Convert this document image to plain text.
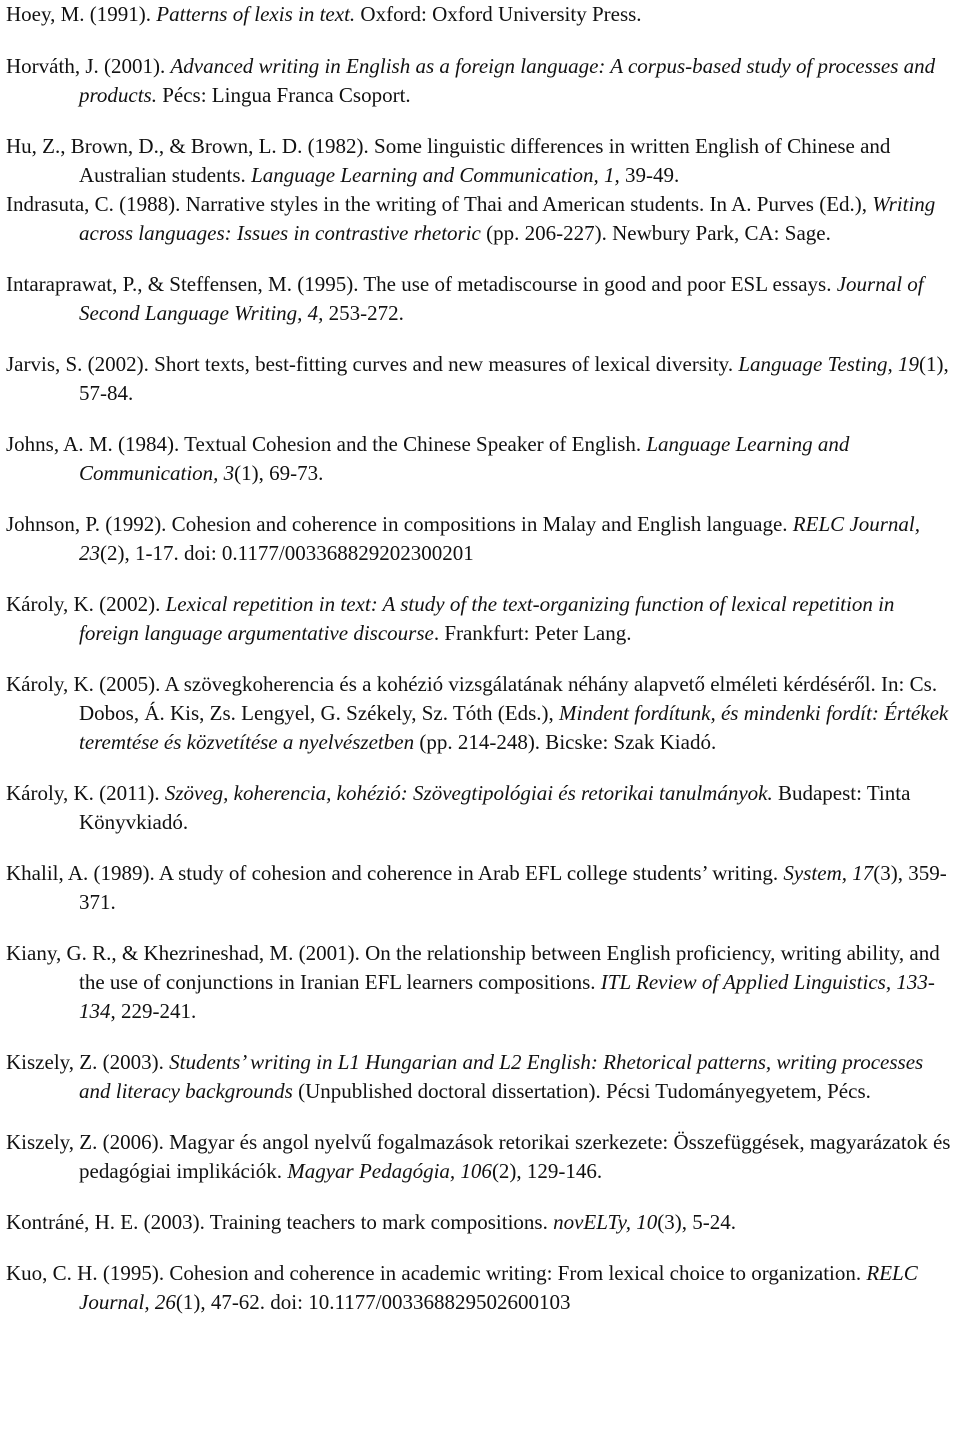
Hoey, M. (1991). Patterns of lexis in text. Oxford: Oxford University Press.

Horváth, J. (2001). Advanced writing in English as a foreign language: A corpus-based study of processes and products. Pécs: Lingua Franca Csoport.

Hu, Z., Brown, D., & Brown, L. D. (1982). Some linguistic differences in written English of Chinese and Australian students. Language Learning and Communication, 1, 39-49.

Indrasuta, C. (1988). Narrative styles in the writing of Thai and American students. In A. Purves (Ed.), Writing across languages: Issues in contrastive rhetoric (pp. 206-227). Newbury Park, CA: Sage.

Intaraprawat, P., & Steffensen, M. (1995). The use of metadiscourse in good and poor ESL essays. Journal of Second Language Writing, 4, 253-272.

Jarvis, S. (2002). Short texts, best-fitting curves and new measures of lexical diversity. Language Testing, 19(1), 57-84.

Johns, A. M. (1984). Textual Cohesion and the Chinese Speaker of English. Language Learning and Communication, 3(1), 69-73.

Johnson, P. (1992). Cohesion and coherence in compositions in Malay and English language. RELC Journal, 23(2), 1-17. doi: 0.1177/003368829202300201

Károly, K. (2002). Lexical repetition in text: A study of the text-organizing function of lexical repetition in foreign language argumentative discourse. Frankfurt: Peter Lang.

Károly, K. (2005). A szövegkoherencia és a kohézió vizsgálatának néhány alapvető elméleti kérdéséről. In: Cs. Dobos, Á. Kis, Zs. Lengyel, G. Székely, Sz. Tóth (Eds.), Mindent fordítunk, és mindenki fordít: Értékek teremtése és közvetítése a nyelvészetben (pp. 214-248). Bicske: Szak Kiadó.

Károly, K. (2011). Szöveg, koherencia, kohézió: Szövegtipológiai és retorikai tanulmányok. Budapest: Tinta Könyvkiadó.

Khalil, A. (1989). A study of cohesion and coherence in Arab EFL college students’ writing. System, 17(3), 359-371.

Kiany, G. R., & Khezrineshad, M. (2001). On the relationship between English proficiency, writing ability, and the use of conjunctions in Iranian EFL learners compositions. ITL Review of Applied Linguistics, 133-134, 229-241.

Kiszely, Z. (2003). Students’ writing in L1 Hungarian and L2 English: Rhetorical patterns, writing processes and literacy backgrounds (Unpublished doctoral dissertation). Pécsi Tudományegyetem, Pécs.

Kiszely, Z. (2006). Magyar és angol nyelvű fogalmazások retorikai szerkezete: Összefüggések, magyarázatok és pedagógiai implikációk. Magyar Pedagógia, 106(2), 129-146.

Kontráné, H. E. (2003). Training teachers to mark compositions. novELTy, 10(3), 5-24.

Kuo, C. H. (1995). Cohesion and coherence in academic writing: From lexical choice to organization. RELC Journal, 26(1), 47-62. doi: 10.1177/003368829502600103
